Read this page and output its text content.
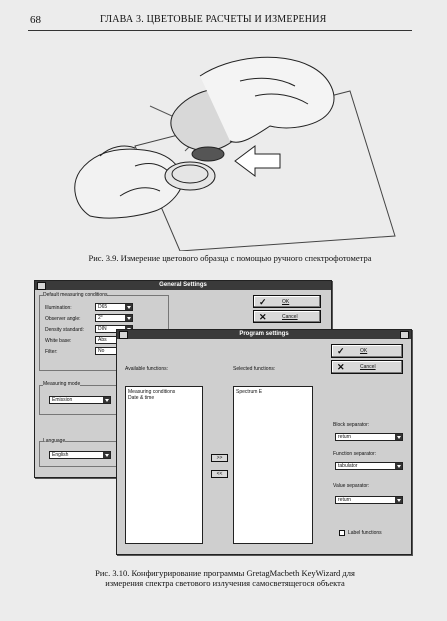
68	ГЛАВА 3. ЦВЕТОВЫЕ РАСЧЕТЫ И ИЗМЕРЕНИЯ
Рис. 3.9. Измерение цветового образца с помощью ручного спектрофотометра
General Settings
Default measuring conditions
Illumination:	D65
Observer angle:	2°
Density standard:	DIN
White base:	Abs
Filter:	No
Measuring mode
Emission
Language
English
✓	OK
✕	Cancel
Program settings
Available functions:
Measuring conditions
Date & time
>>
<<
Selected functions:
Spectrum E
✓	OK
✕	Cancel
Block separator:
return
Function separator:
tabulator
Value separator:
return
Label functions
Рис. 3.10. Конфигурирование программы GretagMacbeth KeyWizard для
измерения спектра светового излучения самосветящегося объекта
